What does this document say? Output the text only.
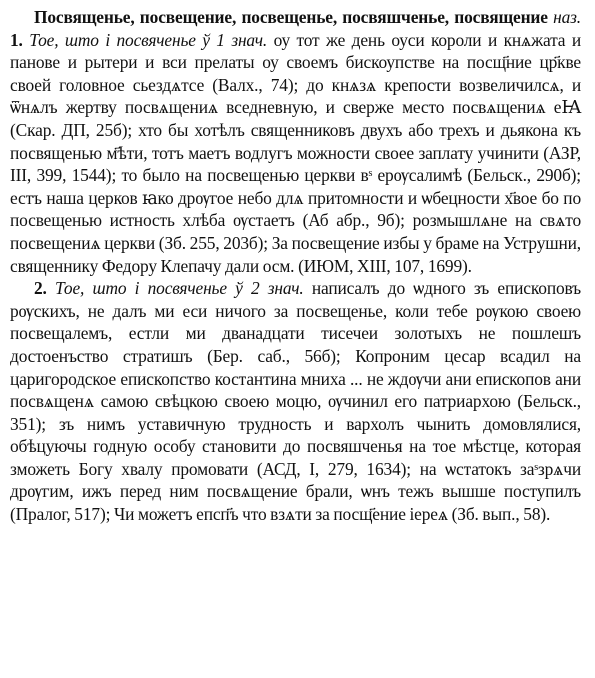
Посвященье, посвещение, посвещенье, посвяшченье, посвящение наз. 1. Тое, што і посвяченье ў 1 знач. оу тот же день оуси короли и кнѧжата и панове и рытери и вси прелаты оу своемъ бискоупстве на посщ҃ние цр҃кве своей головное сьездѧтсе (Валх., 74); до кнѧзѧ крепости возвеличилсѧ, и ѿнѧлъ жертву посвѧщениѧ вседневную, и сверже место посвѧщениѧ еꙖ (Скар. ДП, 25б); хто бы хотѣлъ священниковъ двухъ або трехъ и дьякона къ посвященью м҃ѣти, тотъ маетъ водлугъ можности своее заплату учинити (АЗР, III, 399, 1544); то было на посвещенью церкви вˢ ерѹсалимѣ (Бельск., 290б); естъ наша церков ꙗко дрѹгое небо длѧ притомности и ѡбецности х҃вое бо по посвещенью истность хлѣба ѹстаетъ (Аб абр., 9б); розмышлѧне на свѧто посвещениѧ церкви (Зб. 255, 203б); За посвещение избы у браме на Уструшни, священнику Федору Клепачу дали осм. (ИЮМ, XIII, 107, 1699).

2. Тое, што і посвяченье ў 2 знач. написалъ до ѡдного зъ епископовъ рѹскихъ, не далъ ми еси ничого за посвещенье, коли тебе рѹкою своею посвещалемъ, естли ми дванадцати тисечеи золотыхъ не пошлешъ достоенъство стратишъ (Бер. саб., 56б); Копроним цесар всадил на царигородское епископство костантина мниха ... не ждѹчи ани епископов ани посвѧщенѧ самою свѣцкою своею моцю, ѹчинил его патриархою (Бельск., 351); зъ нимъ уставичную трудность и вархолъ чынить домовлялися, обѣцуючы годную особу становити до посвяшченья на тое мѣстце, которая зможеть Богу хвалу промовати (АСД, I, 279, 1634); на ѡстатокъ заˢзрѧчи дрѹгим, ижъ перед ним посвѧщение брали, ѡнъ тежъ вышше поступилъ (Пралог, 517); Чи можетъ епсп҃ъ что взѧти за посщ҃ение іереѧ (Зб. вып., 58).
